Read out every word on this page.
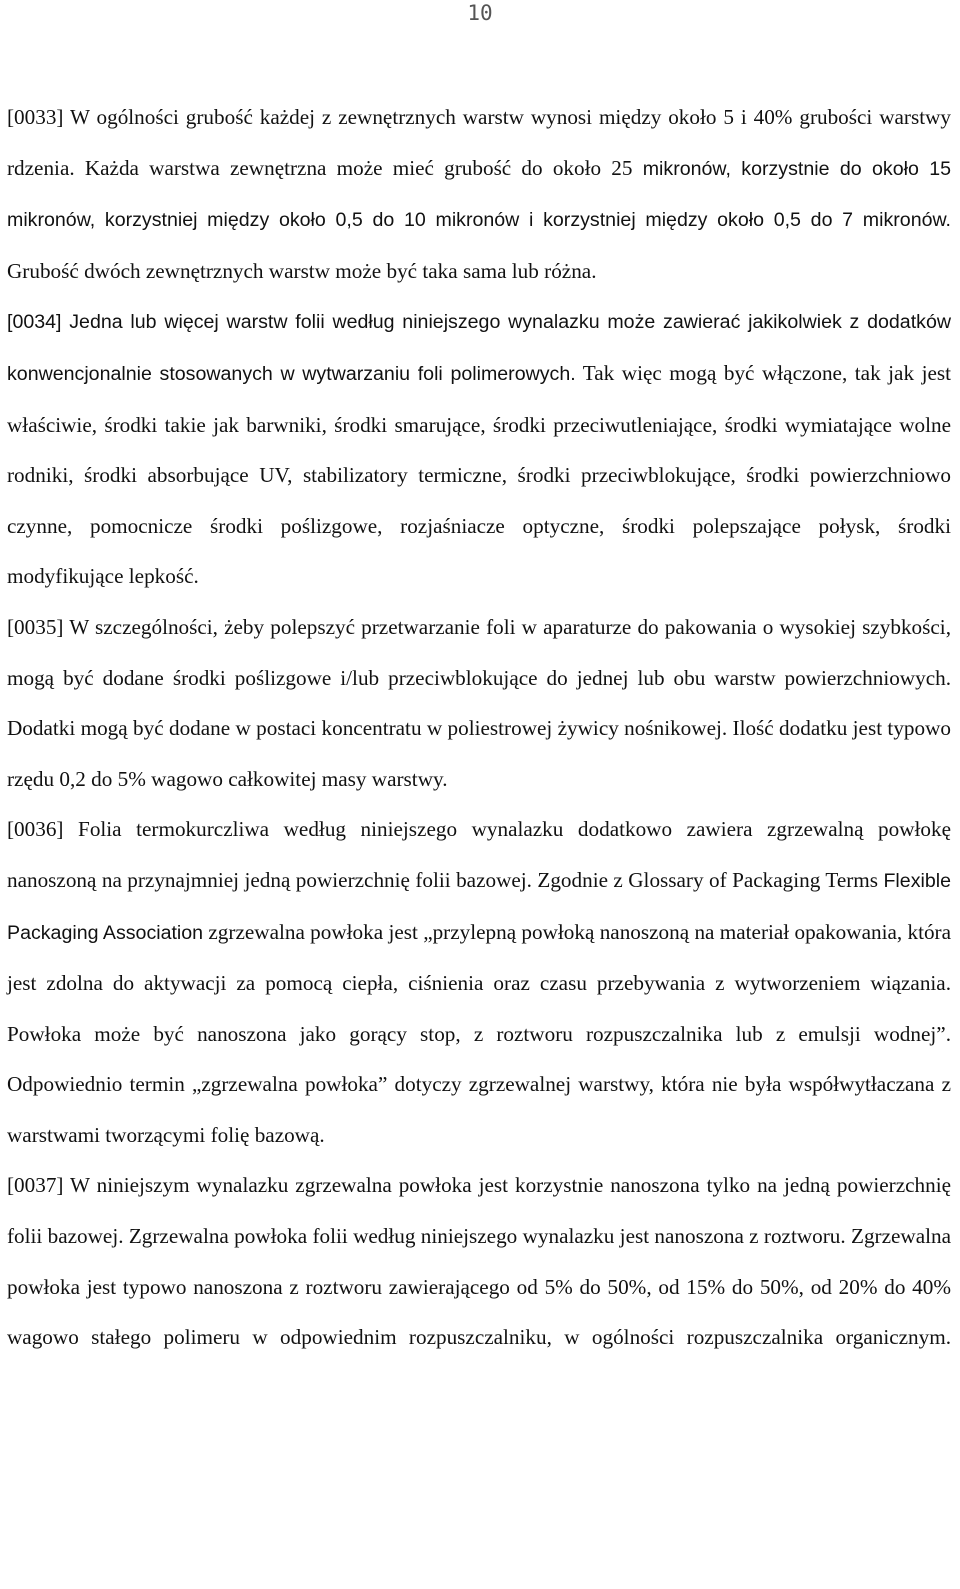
10

[0033] W ogólności grubość każdej z zewnętrznych warstw wynosi między około 5 i 40% grubości warstwy rdzenia. Każda warstwa zewnętrzna może mieć grubość do około 25 mikronów, korzystnie do około 15 mikronów, korzystniej między około 0,5 do 10 mikronów i korzystniej między około 0,5 do 7 mikronów. Grubość dwóch zewnętrznych warstw może być taka sama lub różna.

[0034] Jedna lub więcej warstw folii według niniejszego wynalazku może zawierać jakikolwiek z dodatków konwencjonalnie stosowanych w wytwarzaniu foli polimerowych. Tak więc mogą być włączone, tak jak jest właściwie, środki takie jak barwniki, środki smarujące, środki przeciwutleniające, środki wymiatające wolne rodniki, środki absorbujące UV, stabilizatory termiczne, środki przeciwblokujące, środki powierzchniowo czynne, pomocnicze środki poślizgowe, rozjaśniacze optyczne, środki polepszające połysk, środki modyfikujące lepkość.

[0035] W szczególności, żeby polepszyć przetwarzanie foli w aparaturze do pakowania o wysokiej szybkości, mogą być dodane środki poślizgowe i/lub przeciwblokujące do jednej lub obu warstw powierzchniowych. Dodatki mogą być dodane w postaci koncentratu w poliestrowej żywicy nośnikowej. Ilość dodatku jest typowo rzędu 0,2 do 5% wagowo całkowitej masy warstwy.

[0036] Folia termokurczliwa według niniejszego wynalazku dodatkowo zawiera zgrzewalną powłokę nanoszoną na przynajmniej jedną powierzchnię folii bazowej. Zgodnie z Glossary of Packaging Terms Flexible Packaging Association zgrzewalna powłoka jest „przylepną powłoką nanoszoną na materiał opakowania, która jest zdolna do aktywacji za pomocą ciepła, ciśnienia oraz czasu przebywania z wytworzeniem wiązania. Powłoka może być nanoszona jako gorący stop, z roztworu rozpuszczalnika lub z emulsji wodnej”. Odpowiednio termin „zgrzewalna powłoka” dotyczy zgrzewalnej warstwy, która nie była współwytłaczana z warstwami tworzącymi folię bazową.

[0037] W niniejszym wynalazku zgrzewalna powłoka jest korzystnie nanoszona tylko na jedną powierzchnię folii bazowej. Zgrzewalna powłoka folii według niniejszego wynalazku jest nanoszona z roztworu. Zgrzewalna powłoka jest typowo nanoszona z roztworu zawierającego od 5% do 50%, od 15% do 50%, od 20% do 40% wagowo stałego polimeru w odpowiednim rozpuszczalniku, w ogólności rozpuszczalnika organicznym.
